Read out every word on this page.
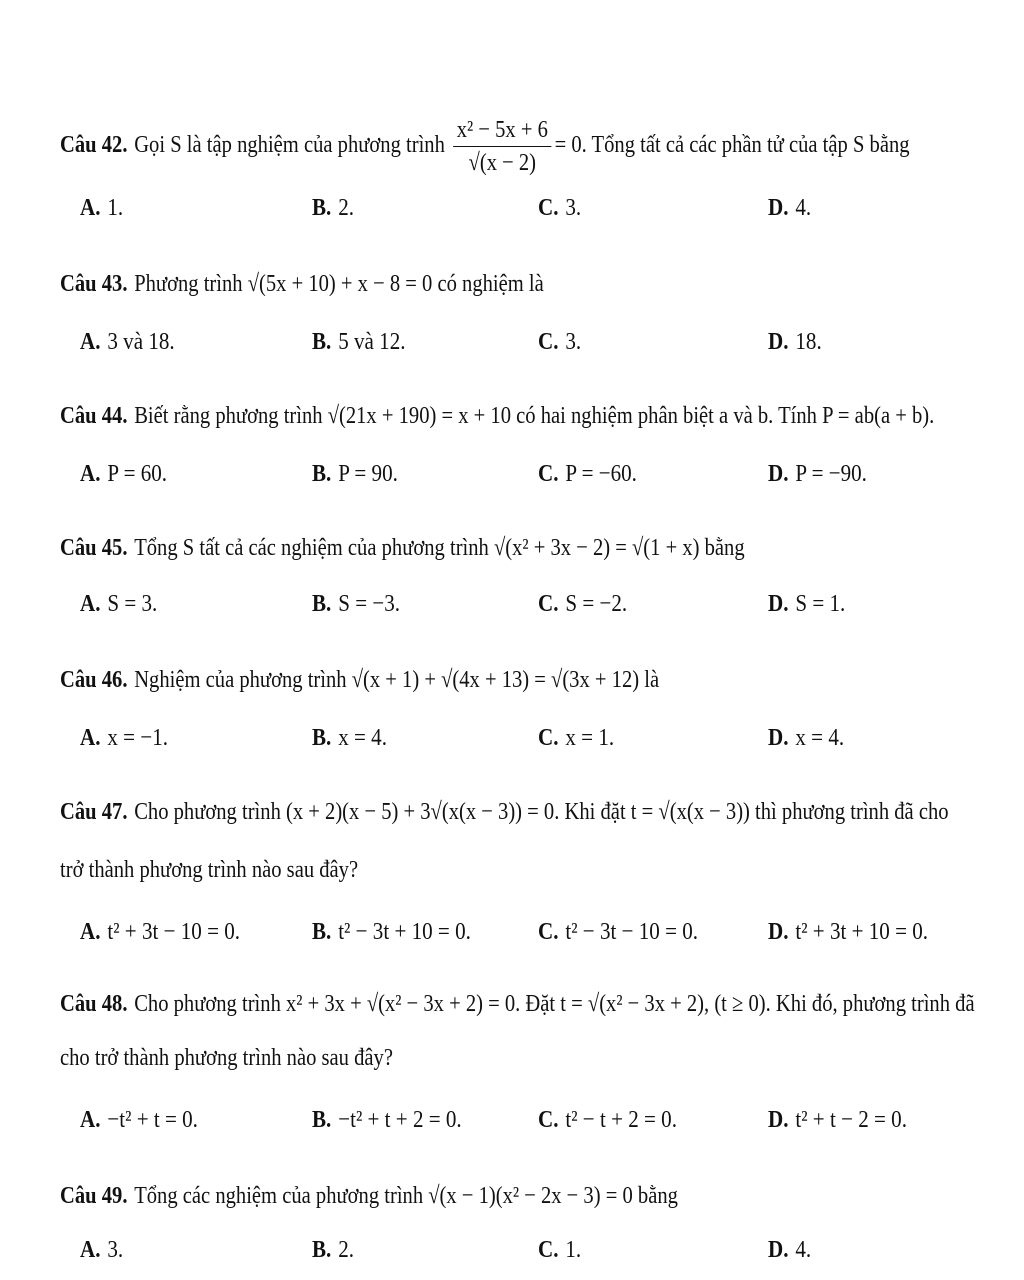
Câu 42. Gọi S là tập nghiệm của phương trình $\frac{\text{x² − 5x + 6}}{√(x - 2)} = 0$. Tổng tất cả các phần tử của tập S bằng
A. 1.	B. 2.	C. 3.	D. 4.
Câu 43. Phương trình √(5x + 10) + x − 8 = 0 có nghiệm là
A. 3 và 18.	B. 5 và 12.	C. 3.	D. 18.
Câu 44. Biết rằng phương trình √(21x + 190) = x + 10 có hai nghiệm phân biệt a và b. Tính P = ab(a + b).
A. P = 60.	B. P = 90.	C. P = −60.	D. P = −90.
Câu 45. Tổng S tất cả các nghiệm của phương trình √(x² + 3x − 2) = √(1 + x) bằng
A. S = 3.	B. S = −3.	C. S = −2.	D. S = 1.
Câu 46. Nghiệm của phương trình √(x + 1) + √(4x + 13) = √(3x + 12) là
A. x = −1.	B. x = 4.	C. x = 1.	D. x = 4.
Câu 47. Cho phương trình (x + 2)(x − 5) + 3√(x(x − 3)) = 0. Khi đặt t = √(x(x − 3)) thì phương trình đã cho
trở thành phương trình nào sau đây?
A. t² + 3t − 10 = 0.	B. t² − 3t + 10 = 0.	C. t² − 3t − 10 = 0.	D. t² + 3t + 10 = 0.
Câu 48. Cho phương trình x² + 3x + √(x² − 3x + 2) = 0. Đặt t = √(x² − 3x + 2), (t ≥ 0). Khi đó, phương trình đã
cho trở thành phương trình nào sau đây?
A. −t² + t = 0.	B. −t² + t + 2 = 0.	C. t² − t + 2 = 0.	D. t² + t − 2 = 0.
Câu 49. Tổng các nghiệm của phương trình √(x − 1)(x² − 2x − 3) = 0 bằng
A. 3.	B. 2.	C. 1.	D. 4.
